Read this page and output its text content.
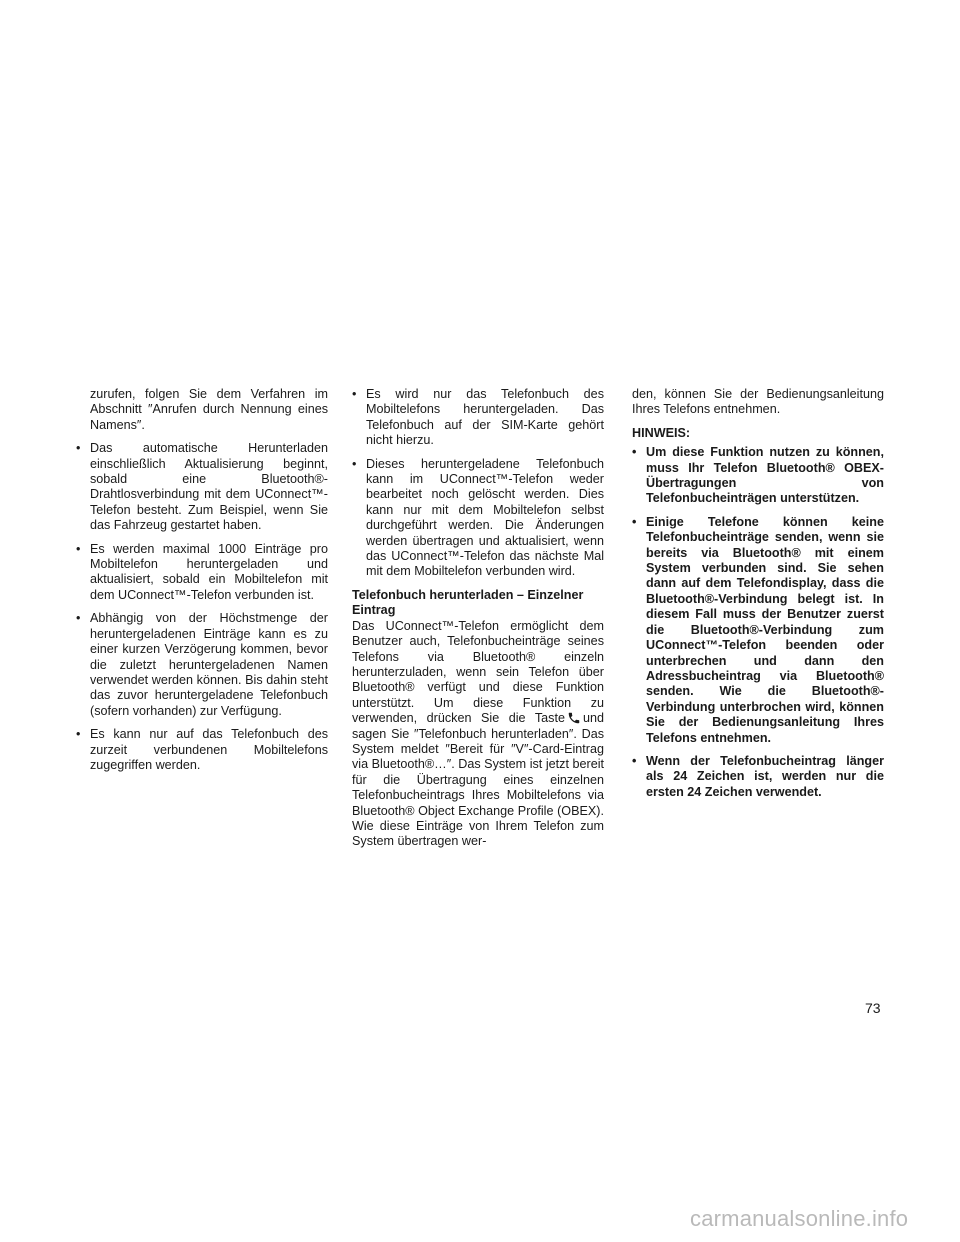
zurufen, folgen Sie dem Verfahren im Abschnitt ″Anrufen durch Nennung eines Namens″.

• Das automatische Herunterladen einschließlich Aktualisierung beginnt, sobald eine Bluetooth®-Drahtlosverbindung mit dem UConnect™-Telefon besteht. Zum Beispiel, wenn Sie das Fahrzeug gestartet haben.

• Es werden maximal 1000 Einträge pro Mobiltelefon heruntergeladen und aktualisiert, sobald ein Mobiltelefon mit dem UConnect™-Telefon verbunden ist.

• Abhängig von der Höchstmenge der heruntergeladenen Einträge kann es zu einer kurzen Verzögerung kommen, bevor die zuletzt heruntergeladenen Namen verwendet werden können. Bis dahin steht das zuvor heruntergeladene Telefonbuch (sofern vorhanden) zur Verfügung.

• Es kann nur auf das Telefonbuch des zurzeit verbundenen Mobiltelefons zugegriffen werden.

• Es wird nur das Telefonbuch des Mobiltelefons heruntergeladen. Das Telefonbuch auf der SIM-Karte gehört nicht hierzu.

• Dieses heruntergeladene Telefonbuch kann im UConnect™-Telefon weder bearbeitet noch gelöscht werden. Dies kann nur mit dem Mobiltelefon selbst durchgeführt werden. Die Änderungen werden übertragen und aktualisiert, wenn das UConnect™-Telefon das nächste Mal mit dem Mobiltelefon verbunden wird.

Telefonbuch herunterladen – Einzelner Eintrag

Das UConnect™-Telefon ermöglicht dem Benutzer auch, Telefonbucheinträge seines Telefons via Bluetooth® einzeln herunterzuladen, wenn sein Telefon über Bluetooth® verfügt und diese Funktion unterstützt. Um diese Funktion zu verwenden, drücken Sie die Taste und sagen Sie ″Telefonbuch herunterladen″. Das System meldet ″Bereit für ″V″-Card-Eintrag via Bluetooth®…″. Das System ist jetzt bereit für die Übertragung eines einzelnen Telefonbucheintrags Ihres Mobiltelefons via Bluetooth® Object Exchange Profile (OBEX). Wie diese Einträge von Ihrem Telefon zum System übertragen wer-

den, können Sie der Bedienungsanleitung Ihres Telefons entnehmen.

HINWEIS:

• Um diese Funktion nutzen zu können, muss Ihr Telefon Bluetooth® OBEX-Übertragungen von Telefonbucheinträgen unterstützen.

• Einige Telefone können keine Telefonbucheinträge senden, wenn sie bereits via Bluetooth® mit einem System verbunden sind. Sie sehen dann auf dem Telefondisplay, dass die Bluetooth®-Verbindung belegt ist. In diesem Fall muss der Benutzer zuerst die Bluetooth®-Verbindung zum UConnect™-Telefon beenden oder unterbrechen und dann den Adressbucheintrag via Bluetooth® senden. Wie die Bluetooth®-Verbindung unterbrochen wird, können Sie der Bedienungsanleitung Ihres Telefons entnehmen.

• Wenn der Telefonbucheintrag länger als 24 Zeichen ist, werden nur die ersten 24 Zeichen verwendet.

73
carmanualsonline.info
